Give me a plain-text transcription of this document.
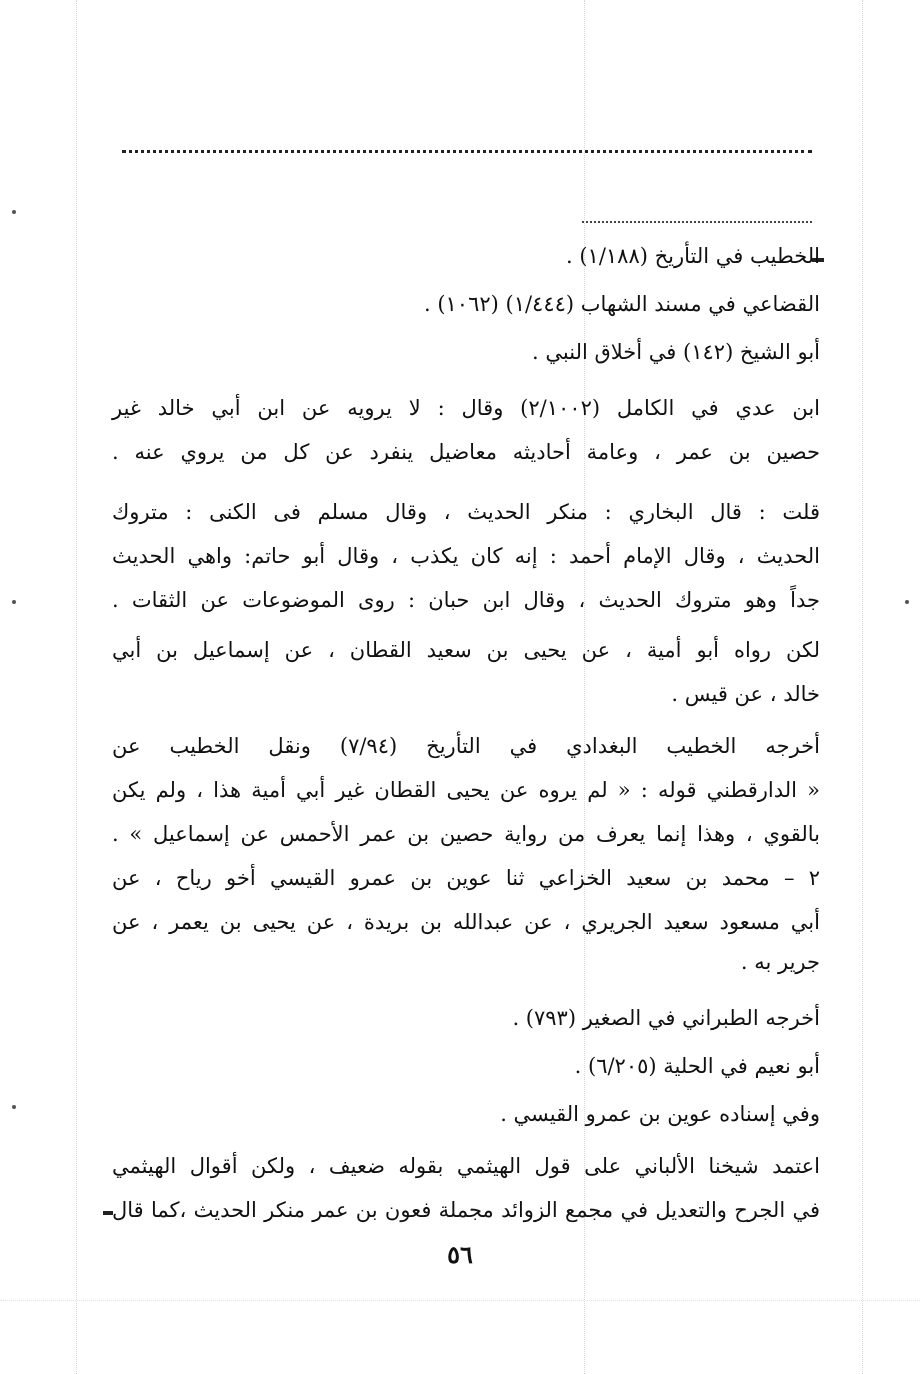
الخطيب في التأريخ (١/١٨٨) .
القضاعي في مسند الشهاب (١/٤٤٤) (١٠٦٢) .
أبو الشيخ (١٤٢) في أخلاق النبي .
ابن عدي في الكامل (٢/١٠٠٢) وقال : لا يرويه عن ابن أبي خالد غير
حصين بن عمر ، وعامة أحاديثه معاضيل ينفرد عن كل من يروي عنه .
قلت : قال البخاري : منكر الحديث ، وقال مسلم فى الكنى : متروك
الحديث ، وقال الإمام أحمد : إنه كان يكذب ، وقال أبو حاتم: واهي الحديث
جداً وهو متروك الحديث ، وقال ابن حبان : روى الموضوعات عن الثقات .
لكن رواه أبو أمية ، عن يحيى بن سعيد القطان ، عن إسماعيل بن أبي
خالد ، عن قيس .
أخرجه الخطيب البغدادي في التأريخ (٧/٩٤) ونقل الخطيب عن
« الدارقطني قوله : « لم يروه عن يحيى القطان غير أبي أمية هذا ، ولم يكن
بالقوي ، وهذا إنما يعرف من رواية حصين بن عمر الأحمس عن إسماعيل » .
٢ – محمد بن سعيد الخزاعي ثنا عوين بن عمرو القيسي أخو رياح ، عن
أبي مسعود سعيد الجريري ، عن عبدالله بن بريدة ، عن يحيى بن يعمر ، عن
جرير به .
أخرجه الطبراني في الصغير (٧٩٣) .
أبو نعيم في الحلية (٦/٢٠٥) .
وفي إسناده عوين بن عمرو القيسي .
اعتمد شيخنا الألباني على قول الهيثمي بقوله ضعيف ، ولكن أقوال الهيثمي
في الجرح والتعديل في مجمع الزوائد مجملة فعون بن عمر منكر الحديث ،كما قال
٥٦
